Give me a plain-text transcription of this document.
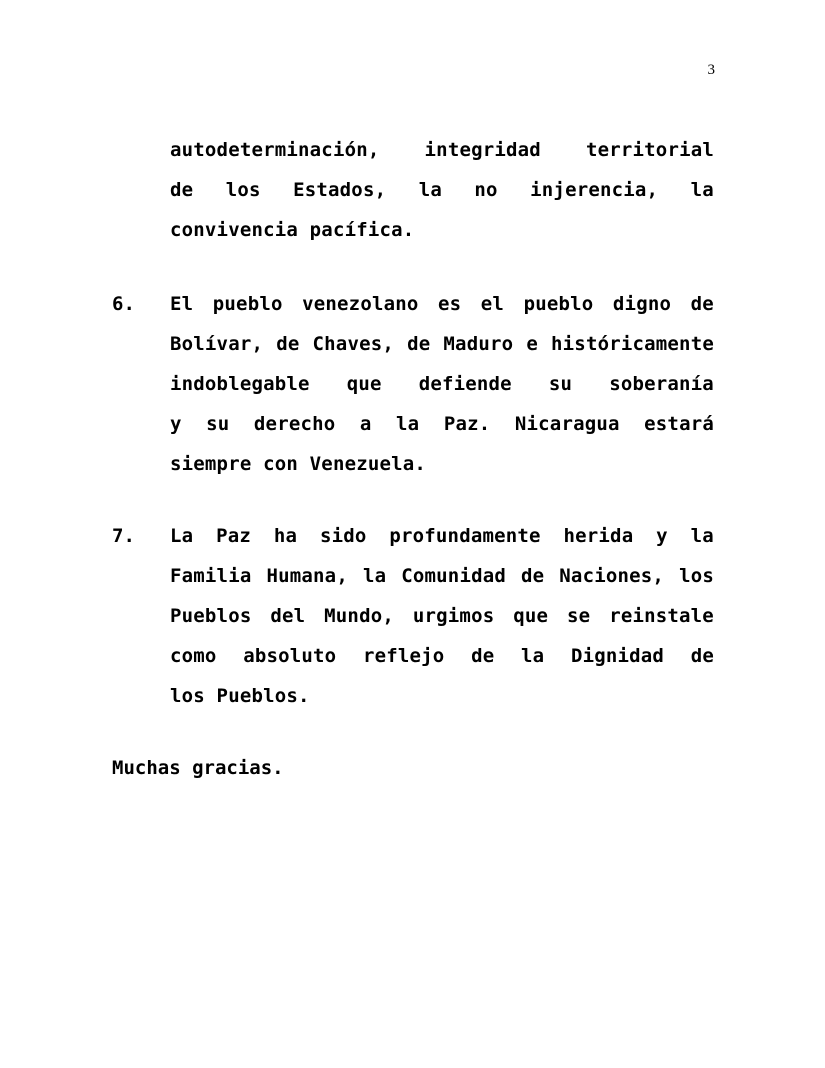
3
autodeterminación, integridad territorial
de los Estados, la no injerencia, la
convivencia pacífica.
6.	El pueblo venezolano es el pueblo digno de
Bolívar, de Chaves, de Maduro e históricamente
indoblegable que defiende su soberanía
y su derecho a la Paz. Nicaragua estará
siempre con Venezuela.
7.	La Paz ha sido profundamente herida y la
Familia Humana, la Comunidad de Naciones, los
Pueblos del Mundo, urgimos que se reinstale
como absoluto reflejo de la Dignidad de
los Pueblos.
Muchas gracias.
